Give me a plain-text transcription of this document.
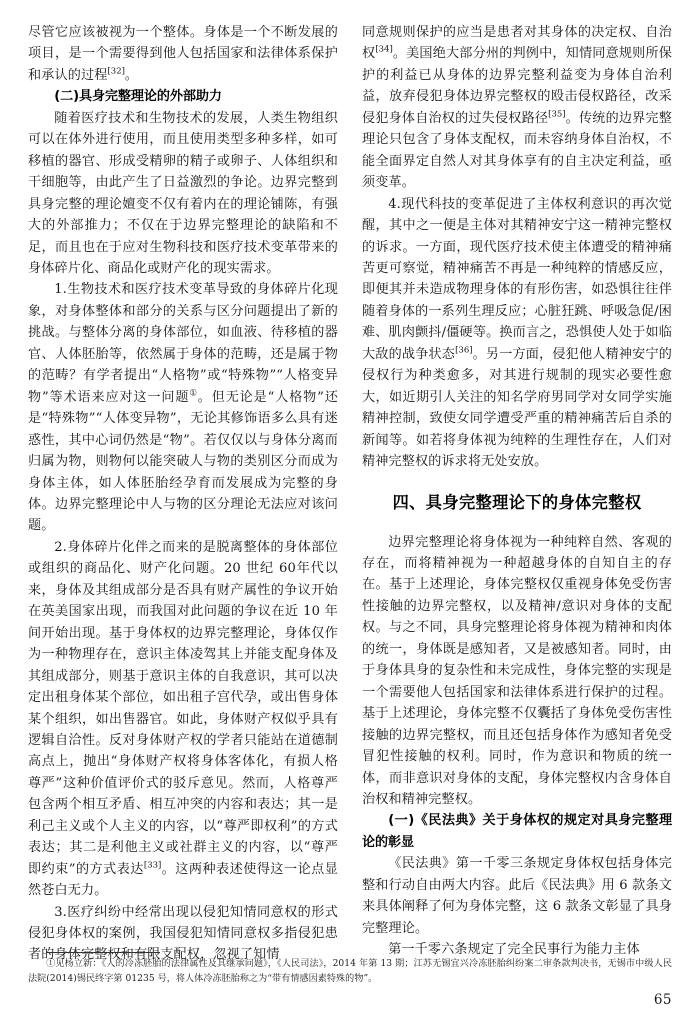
尽管它应该被视为一个整体。身体是一个不断发展的项目，是一个需要得到他人包括国家和法律体系保护和承认的过程[32]。

(二)具身完整理论的外部助力

随着医疗技术和生物技术的发展，人类生物组织可以在体外进行使用，而且使用类型多种多样，如可移植的器官、形成受精卵的精子或卵子、人体组织和干细胞等，由此产生了日益激烈的争论。边界完整到具身完整的理论嬗变不仅有着内在的理论铺陈，有强大的外部推力；不仅在于边界完整理论的缺陷和不足，而且也在于应对生物科技和医疗技术变革带来的身体碎片化、商品化或财产化的现实需求。

1.生物技术和医疗技术变革导致的身体碎片化现象，对身体整体和部分的关系与区分问题提出了新的挑战。与整体分离的身体部位，如血液、待移植的器官、人体胚胎等，依然属于身体的范畴，还是属于物的范畴？有学者提出“人格物”或“特殊物”“人格变异物”等术语来应对这一问题①。但无论是“人格物”还是“特殊物”“人体变异物”，无论其修饰语多么具有迷惑性，其中心词仍然是“物”。若仅仅以与身体分离而归属为物，则物何以能突破人与物的类别区分而成为身体主体，如人体胚胎经孕育而发展成为完整的身体。边界完整理论中人与物的区分理论无法应对该问题。

2.身体碎片化伴之而来的是脱离整体的身体部位或组织的商品化、财产化问题。20 世纪 60年代以来，身体及其组成部分是否具有财产属性的争议开始在英美国家出现，而我国对此问题的争议在近 10 年间开始出现。基于身体权的边界完整理论，身体仅作为一种物理存在，意识主体凌驾其上并能支配身体及其组成部分，则基于意识主体的自我意识，其可以决定出租身体某个部位，如出租子宫代孕，或出售身体某个组织，如出售器官。如此，身体财产权似乎具有逻辑自洽性。反对身体财产权的学者只能站在道德制高点上，抛出“身体财产权将身体客体化，有损人格尊严”这种价值评价式的驳斥意见。然而，人格尊严包含两个相互矛盾、相互冲突的内容和表达；其一是利己主义或个人主义的内容，以“尊严即权利”的方式表达；其二是利他主义或社群主义的内容，以“尊严即约束”的方式表达[33]。这两种表述使得这一论点显然苍白无力。

3.医疗纠纷中经常出现以侵犯知情同意权的形式侵犯身体权的案例，我国侵犯知情同意权多指侵犯患者的身体完整权和有限支配权，忽视了知情

同意规则保护的应当是患者对其身体的决定权、自治权[34]。美国绝大部分州的判例中，知情同意规则所保护的利益已从身体的边界完整利益变为身体自治利益，放弃侵犯身体边界完整权的殴击侵权路径，改采侵犯身体自治权的过失侵权路径[35]。传统的边界完整理论只包含了身体支配权，而未容纳身体自治权，不能全面界定自然人对其身体享有的自主决定利益，亟须变革。

4.现代科技的变革促进了主体权利意识的再次觉醒，其中之一便是主体对其精神安宁这一精神完整权的诉求。一方面，现代医疗技术使主体遭受的精神痛苦更可察觉，精神痛苦不再是一种纯粹的情感反应，即便其并未造成物理身体的有形伤害，如恐惧往往伴随着身体的一系列生理反应；心脏狂跳、呼吸急促/困难、肌肉颤抖/僵硬等。换而言之，恐惧使人处于如临大敌的战争状态[36]。另一方面，侵犯他人精神安宁的侵权行为种类愈多，对其进行规制的现实必要性愈大，如近期引人关注的知名学府男同学对女同学实施精神控制，致使女同学遭受严重的精神痛苦后自杀的新闻等。如若将身体视为纯粹的生理性存在，人们对精神完整权的诉求将无处安放。

四、具身完整理论下的身体完整权

边界完整理论将身体视为一种纯粹自然、客观的存在，而将精神视为一种超越身体的自知自主的存在。基于上述理论，身体完整权仅重视身体免受伤害性接触的边界完整权，以及精神/意识对身体的支配权。与之不同，具身完整理论将身体视为精神和肉体的统一，身体既是感知者，又是被感知者。同时，由于身体具身的复杂性和未完成性，身体完整的实现是一个需要他人包括国家和法律体系进行保护的过程。基于上述理论，身体完整不仅囊括了身体免受伤害性接触的边界完整权，而且还包括身体作为感知者免受冒犯性接触的权利。同时，作为意识和物质的统一体，而非意识对身体的支配，身体完整权内含身体自治权和精神完整权。

(一)《民法典》关于身体权的规定对具身完整理论的彰显

《民法典》第一千零三条规定身体权包括身体完整和行动自由两大内容。此后《民法典》用 6 款条文来具体阐释了何为身体完整，这 6 款条文彰显了具身完整理论。

第一千零六条规定了完全民事行为能力主体

①见杨立新：《人的冷冻胚胎的法律属性及其继承问题》，《人民司法》，2014 年第 13 期；江苏无锡宜兴冷冻胚胎纠纷案二审条款判决书，无锡市中级人民法院(2014)锡民终字第 01235 号，将人体冷冻胚胎称之为“带有情感因素特殊的物”。

65
